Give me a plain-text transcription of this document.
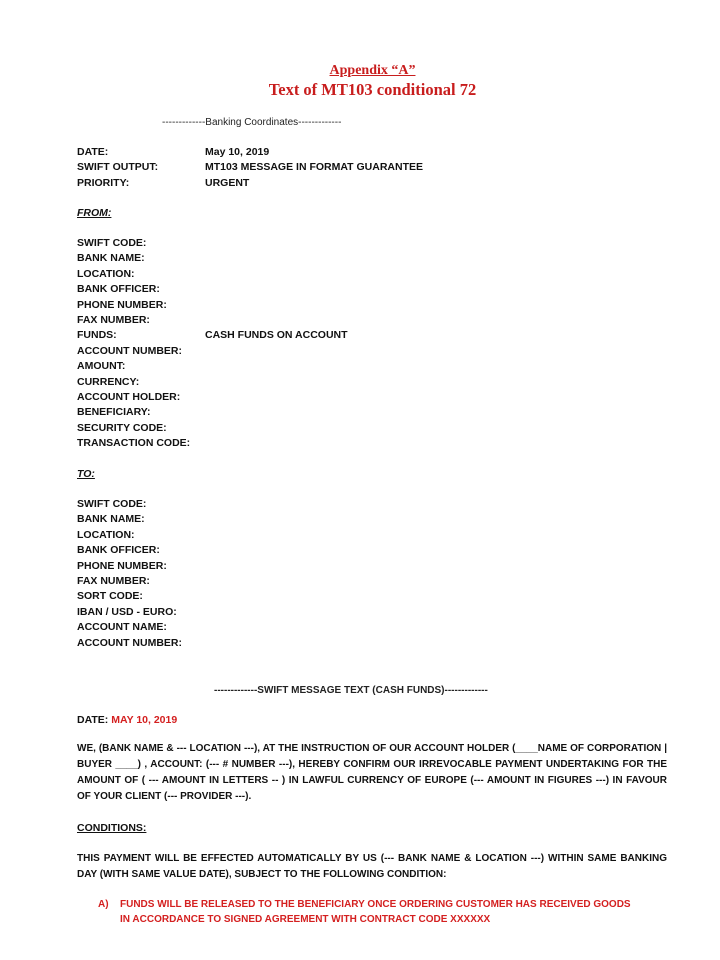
Appendix “A”
Text of MT103 conditional 72
-------------Banking Coordinates-------------
DATE:	May 10, 2019
SWIFT OUTPUT:	MT103 MESSAGE IN FORMAT GUARANTEE
PRIORITY:	URGENT
FROM:
SWIFT CODE:
BANK NAME:
LOCATION:
BANK OFFICER:
PHONE NUMBER:
FAX NUMBER:
FUNDS:	CASH FUNDS ON ACCOUNT
ACCOUNT NUMBER:
AMOUNT:
CURRENCY:
ACCOUNT HOLDER:
BENEFICIARY:
SECURITY CODE:
TRANSACTION CODE:
TO:
SWIFT CODE:
BANK NAME:
LOCATION:
BANK OFFICER:
PHONE NUMBER:
FAX NUMBER:
SORT CODE:
IBAN / USD - EURO:
ACCOUNT NAME:
ACCOUNT NUMBER:
-------------SWIFT MESSAGE TEXT (CASH FUNDS)-------------
DATE: MAY 10, 2019
WE, (BANK NAME & --- LOCATION ---), AT THE INSTRUCTION OF OUR ACCOUNT HOLDER (____NAME OF CORPORATION | BUYER ____) , ACCOUNT: (--- # NUMBER ---), HEREBY CONFIRM OUR IRREVOCABLE PAYMENT UNDERTAKING FOR THE AMOUNT OF ( --- AMOUNT IN LETTERS -- ) IN LAWFUL CURRENCY OF EUROPE (--- AMOUNT IN FIGURES ---) IN FAVOUR OF YOUR CLIENT (--- PROVIDER ---).
CONDITIONS:
THIS PAYMENT WILL BE EFFECTED AUTOMATICALLY BY US (--- BANK NAME & LOCATION ---) WITHIN SAME BANKING DAY (WITH SAME VALUE DATE), SUBJECT TO THE FOLLOWING CONDITION:
A)	FUNDS WILL BE RELEASED TO THE BENEFICIARY ONCE ORDERING CUSTOMER HAS RECEIVED GOODS IN ACCORDANCE TO SIGNED AGREEMENT WITH CONTRACT CODE XXXXXX
